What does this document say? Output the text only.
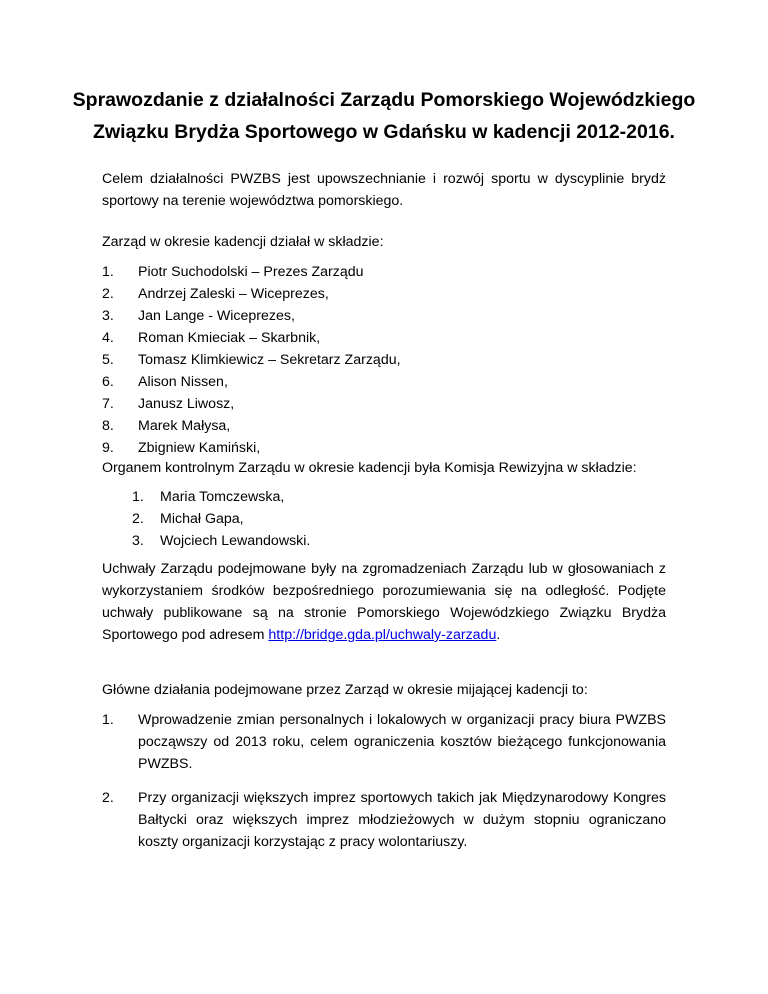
Sprawozdanie z działalności Zarządu Pomorskiego Wojewódzkiego
Związku Brydża Sportowego w Gdańsku w kadencji 2012-2016.

Celem działalności PWZBS jest upowszechnianie i rozwój sportu w dyscyplinie brydż sportowy na terenie województwa pomorskiego.

Zarząd w okresie kadencji działał w składzie:

1.	Piotr Suchodolski – Prezes Zarządu
2.	Andrzej Zaleski – Wiceprezes,
3.	Jan Lange - Wiceprezes,
4.	Roman Kmieciak – Skarbnik,
5.	Tomasz Klimkiewicz – Sekretarz Zarządu,
6.	Alison Nissen,
7.	Janusz Liwosz,
8.	Marek Małysa,
9.	Zbigniew Kamiński,

Organem kontrolnym Zarządu w okresie kadencji była Komisja Rewizyjna w składzie:

1.	Maria Tomczewska,
2.	Michał Gapa,
3.	Wojciech Lewandowski.

Uchwały Zarządu podejmowane były na zgromadzeniach Zarządu lub w głosowaniach z wykorzystaniem środków bezpośredniego porozumiewania się na odległość. Podjęte uchwały publikowane są na stronie Pomorskiego Wojewódzkiego Związku Brydża Sportowego pod adresem http://bridge.gda.pl/uchwaly-zarzadu.

Główne działania podejmowane przez Zarząd w okresie mijającej kadencji to:

1.	Wprowadzenie zmian personalnych i lokalowych w organizacji pracy biura PWZBS począwszy od 2013 roku, celem ograniczenia kosztów bieżącego funkcjonowania PWZBS.
2.	Przy organizacji większych imprez sportowych takich jak Międzynarodowy Kongres Bałtycki oraz większych imprez młodzieżowych w dużym stopniu ograniczano koszty organizacji korzystając z pracy wolontariuszy.
